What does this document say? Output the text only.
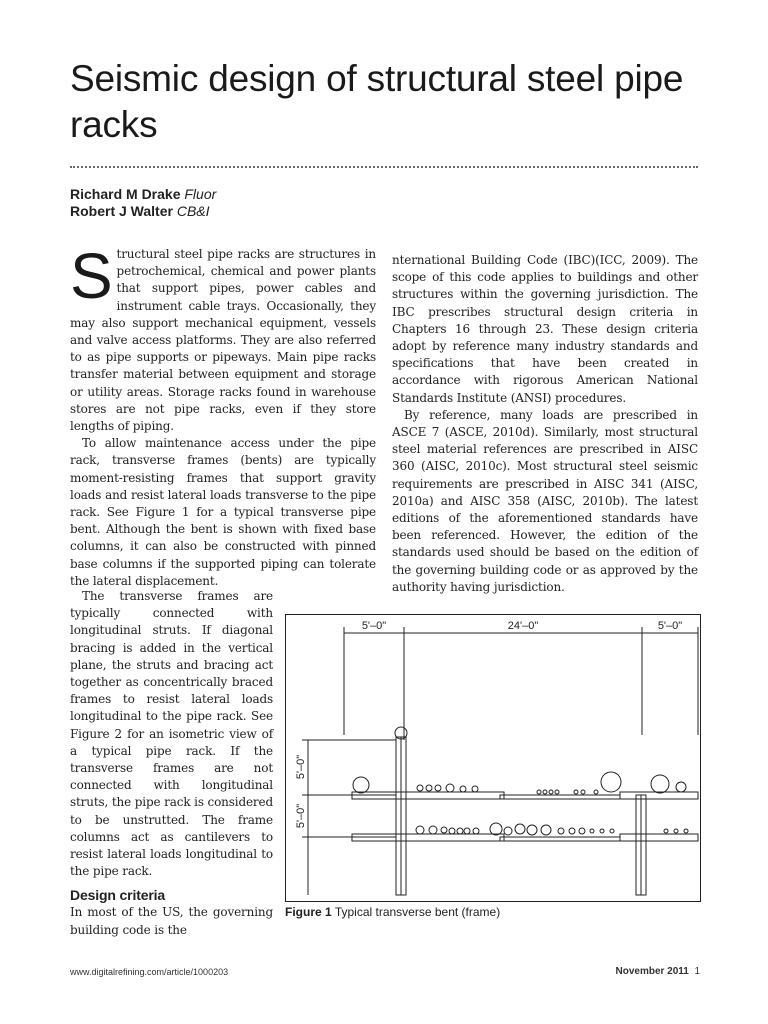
Seismic design of structural steel pipe racks
Richard M Drake Fluor
Robert J Walter CB&I

Structural steel pipe racks are structures in petrochemical, chemical and power plants that support pipes, power cables and instrument cable trays. Occasionally, they may also support mechanical equipment, vessels and valve access platforms. They are also referred to as pipe supports or pipeways. Main pipe racks transfer material between equipment and storage or utility areas. Storage racks found in warehouse stores are not pipe racks, even if they store lengths of piping.

To allow maintenance access under the pipe rack, transverse frames (bents) are typically moment-resisting frames that support gravity loads and resist lateral loads transverse to the pipe rack. See Figure 1 for a typical transverse pipe bent. Although the bent is shown with fixed base columns, it can also be constructed with pinned base columns if the supported piping can tolerate the lateral displacement.

The transverse frames are typically connected with longitudinal struts. If diagonal bracing is added in the vertical plane, the struts and bracing act together as concentrically braced frames to resist lateral loads longitudinal to the pipe rack. See Figure 2 for an isometric view of a typical pipe rack. If the transverse frames are not connected with longitudinal struts, the pipe rack is considered to be unstrutted. The frame columns act as cantilevers to resist lateral loads longitudinal to the pipe rack.

Design criteria

In most of the US, the governing building code is the

nternational Building Code (IBC)(ICC, 2009). The scope of this code applies to buildings and other structures within the governing jurisdiction. The IBC prescribes structural design criteria in Chapters 16 through 23. These design criteria adopt by reference many industry standards and specifications that have been created in accordance with rigorous American National Standards Institute (ANSI) procedures.

By reference, many loads are prescribed in ASCE 7 (ASCE, 2010d). Similarly, most structural steel material references are prescribed in AISC 360 (AISC, 2010c). Most structural steel seismic requirements are prescribed in AISC 341 (AISC, 2010a) and AISC 358 (AISC, 2010b). The latest editions of the aforementioned standards have been referenced. However, the edition of the standards used should be based on the edition of the governing building code or as approved by the authority having jurisdiction.

5'–0"	24'–0"	5'–0"
5'–0"
5'–0"
Figure 1 Typical transverse bent (frame)
www.digitalrefining.com/article/1000203	November 2011 1
